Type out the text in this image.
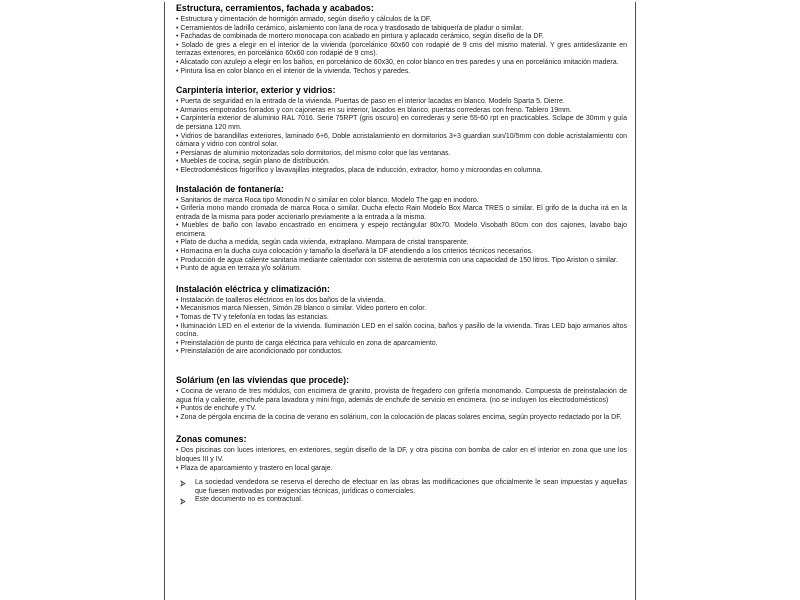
Estructura, cerramientos, fachada y acabados:

• Estructura y cimentación de hormigón armado, según diseño y cálculos de la DF.

• Cerramientos de ladrillo cerámico, aislamiento con lana de roca y trasdosado de tabiquería de pladur o similar.

• Fachadas de combinada de mortero monocapa con acabado en pintura y aplacado cerámico, según diseño de la DF.

• Solado de gres a elegir en el interior de la vivienda (porcelánico 60x60 con rodapié de 9 cms del mismo material. Y gres antideslizante en terrazas exteriores, en porcelánico 60x60 con rodapié de 9 cms).

• Alicatado con azulejo a elegir en los baños, en porcelánico de 60x30, en color blanco en tres paredes y una en porcelánico imitación madera.

• Pintura lisa en color blanco en el interior de la vivienda. Techos y paredes.

Carpintería interior, exterior y vidrios:

• Puerta de seguridad en la entrada de la vivienda. Puertas de paso en el interior lacadas en blanco. Modelo Sparta 5. Dierre.

• Armarios empotrados forrados y con cajoneras en su interior, lacados en blanco, puertas correderas con freno. Tablero 19mm.

• Carpintería exterior de aluminio RAL 7016. Serie 75RPT (gris oscuro) en correderas y serie 55-60 rpt en practicables. Sclape de 30mm y guía de persiana 120 mm.

• Vidrios de barandillas exteriores, laminado 6+6, Doble acristalamiento en dormitorios 3+3 guardian sun/10/5mm con doble acristalamiento con cámara y vidrio con control solar.

• Persianas de aluminio motorizadas solo dormitorios, del mismo color que las ventanas.

• Muebles de cocina, según plano de distribución.

• Electrodomésticos frigorífico y lavavajillas integrados, placa de inducción, extractor, horno y microondas en columna.

Instalación de fontanería:

• Sanitarios de marca Roca tipo Monodin N o similar en color blanco. Modelo The gap en inodoro.

• Grifería mono mando cromada de marca Roca o similar. Ducha efecto Rain Modelo Box Marca TRES o similar. El grifo de la ducha irá en la entrada de la misma para poder accionarlo previamente a la entrada a la misma.

• Muebles de baño con lavabo encastrado en encimera y espejo rectángular 80x70. Modelo Visobath 80cm con dos cajones, lavabo bajo encimera.

• Plato de ducha a medida, según cada vivienda, extraplano. Mampara de cristal transparente.

• Hornacina en la ducha cuya colocación y tamaño la diseñará la DF atendiendo a los criterios técnicos necesarios.

• Producción de agua caliente sanitaria mediante calentador con sistema de aerotermia con una capacidad de 150 litros. Tipo Ariston o similar.

• Punto de agua en terraza y/o solárium.

Instalación eléctrica y climatización:

• Instalación de toalleros eléctricos en los dos baños de la vivienda.

• Mecanismos marca Niessen, Simón 28 blanco o similar. Video portero en color.

• Tomas de TV y telefonía en todas las estancias.

• Iluminación LED en el exterior de la vivienda. Iluminación LED en el salón cocina, baños y pasillo de la vivienda. Tiras LED bajo armarios altos cocina.

• Preinstalación de punto de carga eléctrica para vehículo en zona de aparcamiento.

• Preinstalación de aire acondicionado por conductos.

Solárium (en las viviendas que procede):

• Cocina de verano de tres módulos, con encimera de granito, provista de fregadero con grifería monomando. Compuesta de preinstalación de agua fría y caliente, enchufe para lavadora y mini frigo, además de enchufe de servicio en encimera. (no se incluyen los electrodomésticos)

• Puntos de enchufe y TV.

• Zona de pérgola encima de la cocina de verano en solárium, con la colocación de placas solares encima, según proyecto redactado por la DF.

Zonas comunes:

• Dos piscinas con luces interiores, en exteriores, según diseño de la DF, y otra piscina con bomba de calor en el interior en zona que une los bloques III y IV.

• Plaza de aparcamiento y trastero en local garaje.

La sociedad vendedora se reserva el derecho de efectuar en las obras las modificaciones que oficialmente le sean impuestas y aquellas que fuesen motivadas por exigencias técnicas, jurídicas o comerciales.
Este documento no es contractual.
